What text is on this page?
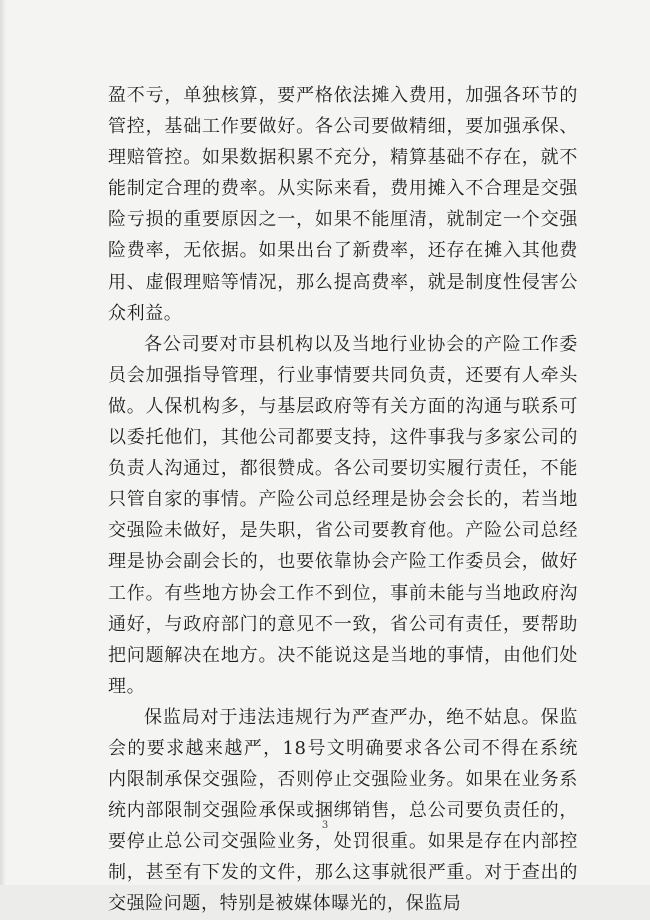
盈不亏，单独核算，要严格依法摊入费用，加强各环节的管控，基础工作要做好。各公司要做精细，要加强承保、理赔管控。如果数据积累不充分，精算基础不存在，就不能制定合理的费率。从实际来看，费用摊入不合理是交强险亏损的重要原因之一，如果不能厘清，就制定一个交强险费率，无依据。如果出台了新费率，还存在摊入其他费用、虚假理赔等情况，那么提高费率，就是制度性侵害公众利益。

各公司要对市县机构以及当地行业协会的产险工作委员会加强指导管理，行业事情要共同负责，还要有人牵头做。人保机构多，与基层政府等有关方面的沟通与联系可以委托他们，其他公司都要支持，这件事我与多家公司的负责人沟通过，都很赞成。各公司要切实履行责任，不能只管自家的事情。产险公司总经理是协会会长的，若当地交强险未做好，是失职，省公司要教育他。产险公司总经理是协会副会长的，也要依靠协会产险工作委员会，做好工作。有些地方协会工作不到位，事前未能与当地政府沟通好，与政府部门的意见不一致，省公司有责任，要帮助把问题解决在地方。决不能说这是当地的事情，由他们处理。

保监局对于违法违规行为严查严办，绝不姑息。保监会的要求越来越严，18号文明确要求各公司不得在系统内限制承保交强险，否则停止交强险业务。如果在业务系统内部限制交强险承保或捆绑销售，总公司要负责任的，要停止总公司交强险业务，处罚很重。如果是存在内部控制，甚至有下发的文件，那么这事就很严重。对于查出的交强险问题，特别是被媒体曝光的，保监局

3
